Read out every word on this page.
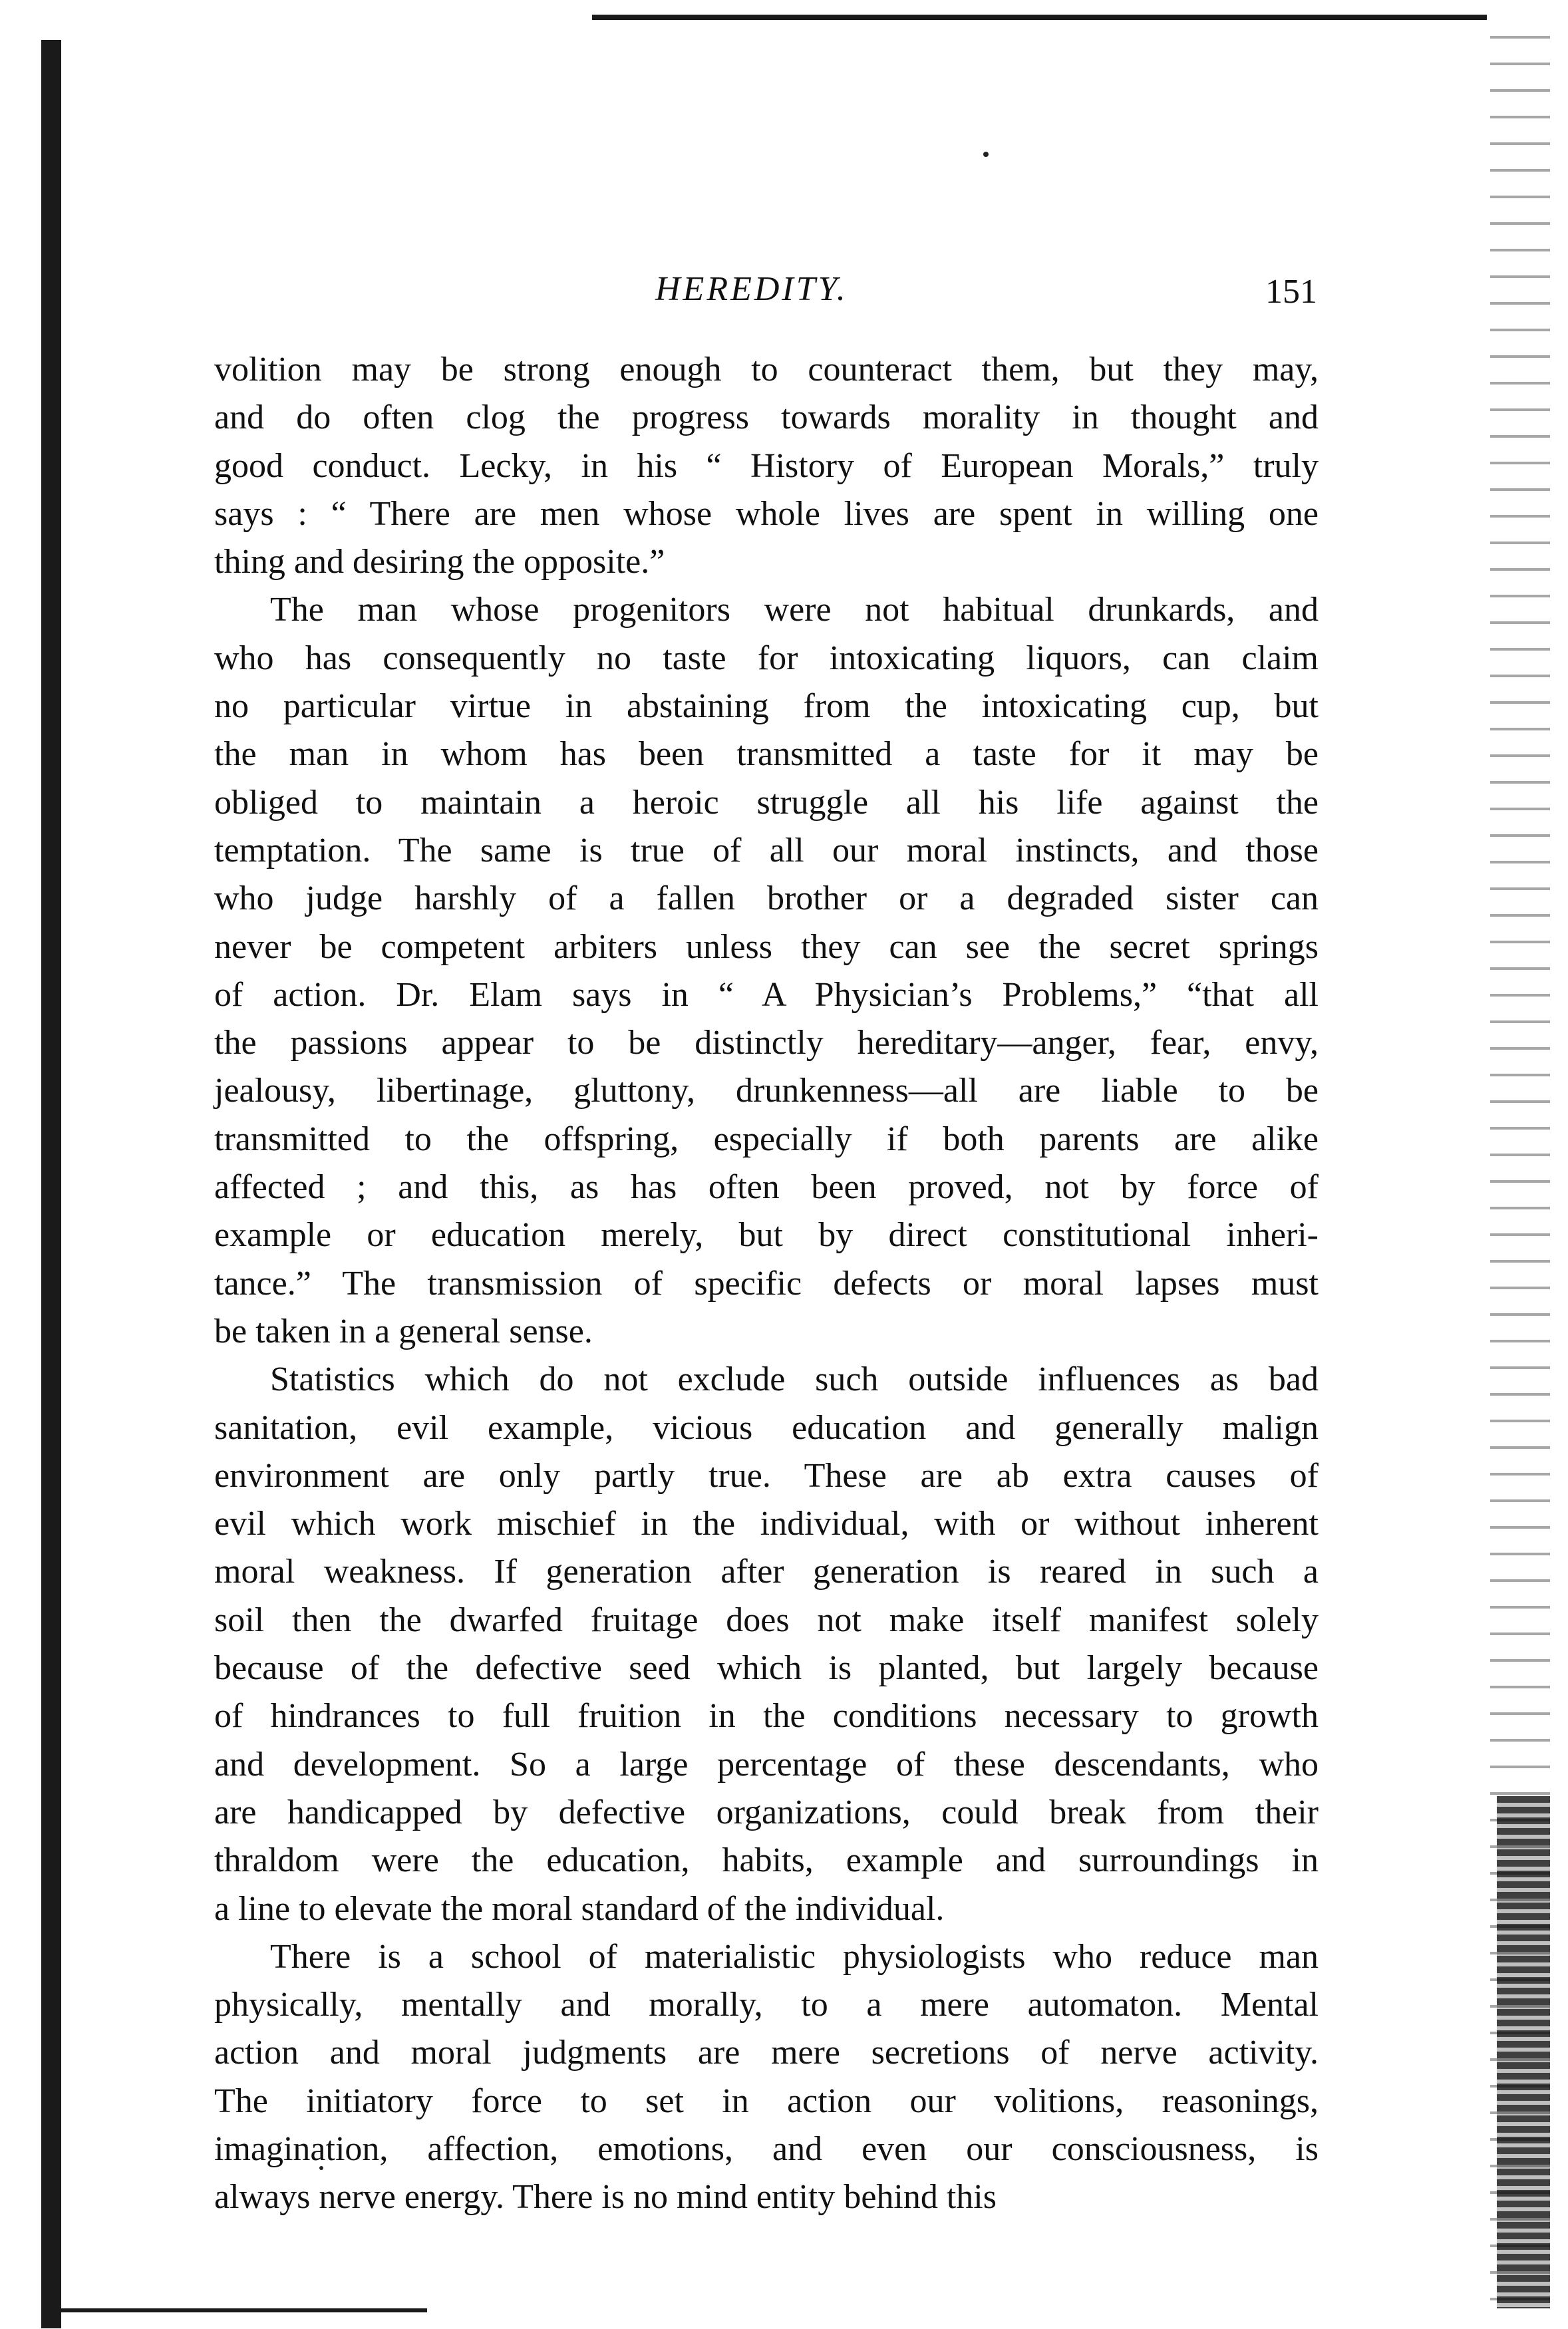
HEREDITY.	151
volition may be strong enough to counteract them, but they may,
and do often clog the progress towards morality in thought and
good conduct. Lecky, in his “ History of European Morals,” truly
says : “ There are men whose whole lives are spent in willing one
thing and desiring the opposite.”
The man whose progenitors were not habitual drunkards, and
who has consequently no taste for intoxicating liquors, can claim
no particular virtue in abstaining from the intoxicating cup, but
the man in whom has been transmitted a taste for it may be
obliged to maintain a heroic struggle all his life against the
temptation. The same is true of all our moral instincts, and those
who judge harshly of a fallen brother or a degraded sister can
never be competent arbiters unless they can see the secret springs
of action. Dr. Elam says in “ A Physician’s Problems,” “that all
the passions appear to be distinctly hereditary—anger, fear, envy,
jealousy, libertinage, gluttony, drunkenness—all are liable to be
transmitted to the offspring, especially if both parents are alike
affected ; and this, as has often been proved, not by force of
example or education merely, but by direct constitutional inheri-
tance.” The transmission of specific defects or moral lapses must
be taken in a general sense.
Statistics which do not exclude such outside influences as bad
sanitation, evil example, vicious education and generally malign
environment are only partly true. These are ab extra causes of
evil which work mischief in the individual, with or without inherent
moral weakness. If generation after generation is reared in such a
soil then the dwarfed fruitage does not make itself manifest solely
because of the defective seed which is planted, but largely because
of hindrances to full fruition in the conditions necessary to growth
and development. So a large percentage of these descendants, who
are handicapped by defective organizations, could break from their
thraldom were the education, habits, example and surroundings in
a line to elevate the moral standard of the individual.
There is a school of materialistic physiologists who reduce man
physically, mentally and morally, to a mere automaton. Mental
action and moral judgments are mere secretions of nerve activity.
The initiatory force to set in action our volitions, reasonings,
imagination, affection, emotions, and even our consciousness, is
always nerve energy. There is no mind entity behind this
